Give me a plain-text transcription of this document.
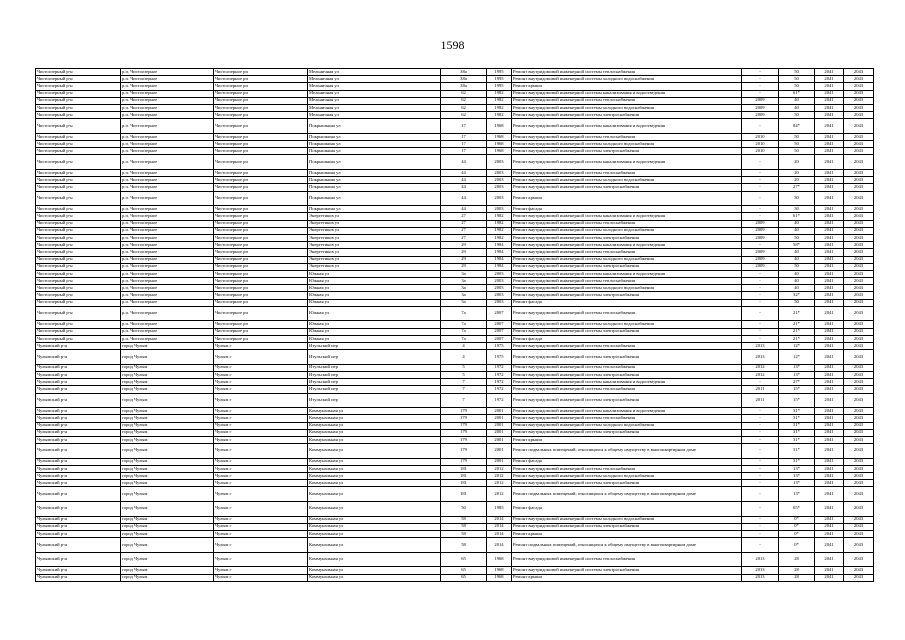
1598
Чистоозерный р-н	р.п. Чистоозерное	Чистоозерное рп	Мельничная ул	38а	1995	Ремонт внутридомовой инженерной системы теплоснабжения	-	50	2041	2043
Чистоозерный р-н	р.п. Чистоозерное	Чистоозерное рп	Мельничная ул	38а	1995	Ремонт внутридомовой инженерной системы холодного водоснабжения	-	50	2041	2043
Чистоозерный р-н	р.п. Чистоозерное	Чистоозерное рп	Мельничная ул	38а	1995	Ремонт крыши	-	50	2041	2043
Чистоозерный р-н	р.п. Чистоозерное	Чистоозерное рп	Мельничная ул	62	1982	Ремонт внутридомовой инженерной системы канализования и водоотведения	-	61*	2041	2043
Чистоозерный р-н	р.п. Чистоозерное	Чистоозерное рп	Мельничная ул	62	1982	Ремонт внутридомовой инженерной системы теплоснабжения	2009	40	2041	2043
Чистоозерный р-н	р.п. Чистоозерное	Чистоозерное рп	Мельничная ул	62	1982	Ремонт внутридомовой инженерной системы холодного водоснабжения	2009	40	2041	2043
Чистоозерный р-н	р.п. Чистоозерное	Чистоозерное рп	Мельничная ул	62	1982	Ремонт внутридомовой инженерной системы электроснабжения	2009	50	2041	2043
Чистоозерный р-н	р.п. Чистоозерное	Чистоозерное рп	Покрышкина ул	17	1968	Ремонт внутридомовой инженерной системы канализования и водоотведения	-	84*	2041	2043
Чистоозерный р-н	р.п. Чистоозерное	Чистоозерное рп	Покрышкина ул	17	1968	Ремонт внутридомовой инженерной системы теплоснабжения	2010	50	2041	2043
Чистоозерный р-н	р.п. Чистоозерное	Чистоозерное рп	Покрышкина ул	17	1968	Ремонт внутридомовой инженерной системы холодного водоснабжения	2010	50	2041	2043
Чистоозерный р-н	р.п. Чистоозерное	Чистоозерное рп	Покрышкина ул	17	1968	Ремонт внутридомовой инженерной системы электроснабжения	2010	50	2041	2043
Чистоозерный р-н	р.п. Чистоозерное	Чистоозерное рп	Покрышкина ул	44	2003	Ремонт внутридомовой инженерной системы канализования и водоотведения	-	20	2041	2043
Чистоозерный р-н	р.п. Чистоозерное	Чистоозерное рп	Покрышкина ул	44	2003	Ремонт внутридомовой инженерной системы теплоснабжения	-	20	2041	2043
Чистоозерный р-н	р.п. Чистоозерное	Чистоозерное рп	Покрышкина ул	44	2003	Ремонт внутридомовой инженерной системы холодного водоснабжения	-	20	2041	2043
Чистоозерный р-н	р.п. Чистоозерное	Чистоозерное рп	Покрышкина ул	44	2003	Ремонт внутридомовой инженерной системы электроснабжения	-	27*	2041	2043
Чистоозерный р-н	р.п. Чистоозерное	Чистоозерное рп	Покрышкина ул	44	2003	Ремонт крыши	-	30	2041	2043
Чистоозерный р-н	р.п. Чистоозерное	Чистоозерное рп	Покрышкина ул	44	2003	Ремонт фасада	-	30	2041	2043
Чистоозерный р-н	р.п. Чистоозерное	Чистоозерное рп	Энергетиков ул	27	1982	Ремонт внутридомовой инженерной системы канализования и водоотведения	-	61*	2041	2043
Чистоозерный р-н	р.п. Чистоозерное	Чистоозерное рп	Энергетиков ул	27	1982	Ремонт внутридомовой инженерной системы теплоснабжения	2009	40	2041	2043
Чистоозерный р-н	р.п. Чистоозерное	Чистоозерное рп	Энергетиков ул	27	1982	Ремонт внутридомовой инженерной системы холодного водоснабжения	2009	40	2041	2043
Чистоозерный р-н	р.п. Чистоозерное	Чистоозерное рп	Энергетиков ул	27	1982	Ремонт внутридомовой инженерной системы электроснабжения	2009	50	2041	2043
Чистоозерный р-н	р.п. Чистоозерное	Чистоозерное рп	Энергетиков ул	29	1984	Ремонт внутридомовой инженерной системы канализования и водоотведения	-	58*	2041	2043
Чистоозерный р-н	р.п. Чистоозерное	Чистоозерное рп	Энергетиков ул	29	1984	Ремонт внутридомовой инженерной системы теплоснабжения	2009	40	2041	2043
Чистоозерный р-н	р.п. Чистоозерное	Чистоозерное рп	Энергетиков ул	29	1984	Ремонт внутридомовой инженерной системы холодного водоснабжения	2009	40	2041	2043
Чистоозерный р-н	р.п. Чистоозерное	Чистоозерное рп	Энергетиков ул	29	1984	Ремонт внутридомовой инженерной системы электроснабжения	2009	50	2041	2043
Чистоозерный р-н	р.п. Чистоозерное	Чистоозерное рп	Южная ул	3а	2003	Ремонт внутридомовой инженерной системы канализования и водоотведения	-	40	2041	2043
Чистоозерный р-н	р.п. Чистоозерное	Чистоозерное рп	Южная ул	3а	2003	Ремонт внутридомовой инженерной системы теплоснабжения	-	40	2041	2043
Чистоозерный р-н	р.п. Чистоозерное	Чистоозерное рп	Южная ул	3а	2003	Ремонт внутридомовой инженерной системы холодного водоснабжения	-	40	2041	2043
Чистоозерный р-н	р.п. Чистоозерное	Чистоозерное рп	Южная ул	3а	2003	Ремонт внутридомовой инженерной системы электроснабжения	-	32*	2041	2043
Чистоозерный р-н	р.п. Чистоозерное	Чистоозерное рп	Южная ул	3а	2003	Ремонт фасада	-	50	2041	2043
Чистоозерный р-н	р.п. Чистоозерное	Чистоозерное рп	Южная ул	7а	2007	Ремонт внутридомовой инженерной системы теплоснабжения	-	21*	2041	2043
Чистоозерный р-н	р.п. Чистоозерное	Чистоозерное рп	Южная ул	7а	2007	Ремонт внутридомовой инженерной системы холодного водоснабжения	-	21*	2041	2043
Чистоозерный р-н	р.п. Чистоозерное	Чистоозерное рп	Южная ул	7а	2007	Ремонт внутридомовой инженерной системы электроснабжения	-	21*	2041	2043
Чистоозерный р-н	р.п. Чистоозерное	Чистоозерное рп	Южная ул	7а	2007	Ремонт фасада	-	21*	2041	2043
Чулымский р-н	город Чулым	Чулым г	Итульский пер	4	1975	Ремонт внутридомовой инженерной системы теплоснабжения	2013	12*	2041	2043
Чулымский р-н	город Чулым	Чулым г	Итульский пер	4	1975	Ремонт внутридомовой инженерной системы электроснабжения	2013	12*	2041	2043
Чулымский р-н	город Чулым	Чулым г	Итульский пер	5	1972	Ремонт внутридомовой инженерной системы теплоснабжения	2012	13*	2041	2043
Чулымский р-н	город Чулым	Чулым г	Итульский пер	5	1972	Ремонт внутридомовой инженерной системы электроснабжения	2012	13*	2041	2043
Чулымский р-н	город Чулым	Чулым г	Итульский пер	7	1972	Ремонт внутридомовой инженерной системы канализования и водоотведения	-	27*	2041	2043
Чулымский р-н	город Чулым	Чулым г	Итульский пер	7	1972	Ремонт внутридомовой инженерной системы теплоснабжения	2011	15*	2041	2043
Чулымский р-н	город Чулым	Чулым г	Итульский пер	7	1972	Ремонт внутридомовой инженерной системы электроснабжения	2011	15*	2041	2043
Чулымский р-н	город Чулым	Чулым г	Коммунальная ул	179	2001	Ремонт внутридомовой инженерной системы канализования и водоотведения	-	31*	2041	2043
Чулымский р-н	город Чулым	Чулым г	Коммунальная ул	179	2001	Ремонт внутридомовой инженерной системы теплоснабжения	-	31*	2041	2043
Чулымский р-н	город Чулым	Чулым г	Коммунальная ул	179	2001	Ремонт внутридомовой инженерной системы холодного водоснабжения	-	31*	2041	2043
Чулымский р-н	город Чулым	Чулым г	Коммунальная ул	179	2001	Ремонт внутридомовой инженерной системы электроснабжения	-	31*	2041	2043
Чулымский р-н	город Чулым	Чулым г	Коммунальная ул	179	2001	Ремонт крыши	-	31*	2041	2043
Чулымский р-н	город Чулым	Чулым г	Коммунальная ул	179	2001	Ремонт подвальных помещений, относящихся к общему имуществу в многоквартирном доме	-	31*	2041	2043
Чулымский р-н	город Чулым	Чулым г	Коммунальная ул	179	2001	Ремонт фасада	-	31*	2041	2043
Чулымский р-н	город Чулым	Чулым г	Коммунальная ул	181	2012	Ремонт внутридомовой инженерной системы теплоснабжения	-	13*	2041	2043
Чулымский р-н	город Чулым	Чулым г	Коммунальная ул	181	2012	Ремонт внутридомовой инженерной системы холодного водоснабжения	-	13*	2041	2043
Чулымский р-н	город Чулым	Чулым г	Коммунальная ул	181	2012	Ремонт внутридомовой инженерной системы электроснабжения	-	13*	2041	2043
Чулымский р-н	город Чулым	Чулым г	Коммунальная ул	181	2012	Ремонт подвальных помещений, относящихся к общему имуществу в многоквартирном доме	-	13*	2041	2043
Чулымский р-н	город Чулым	Чулым г	Коммунальная ул	50	1985	Ремонт фасада	-	65*	2041	2043
Чулымский р-н	город Чулым	Чулым г	Коммунальная ул	58	2014	Ремонт внутридомовой инженерной системы холодного водоснабжения	-	0*	2041	2043
Чулымский р-н	город Чулым	Чулым г	Коммунальная ул	58	2014	Ремонт внутридомовой инженерной системы электроснабжения	-	0*	2041	2043
Чулымский р-н	город Чулым	Чулым г	Коммунальная ул	58	2014	Ремонт крыши	-	0*	2041	2043
Чулымский р-н	город Чулым	Чулым г	Коммунальная ул	58	2014	Ремонт подвальных помещений, относящихся к общему имуществу в многоквартирном доме	-	0*	2041	2043
Чулымский р-н	город Чулым	Чулым г	Коммунальная ул	65	1968	Ремонт внутридомовой инженерной системы теплоснабжения	2013	28	2041	2043
Чулымский р-н	город Чулым	Чулым г	Коммунальная ул	65	1968	Ремонт внутридомовой инженерной системы электроснабжения	2013	28	2041	2043
Чулымский р-н	город Чулым	Чулым г	Коммунальная ул	65	1968	Ремонт крыши	2013	28	2041	2043
